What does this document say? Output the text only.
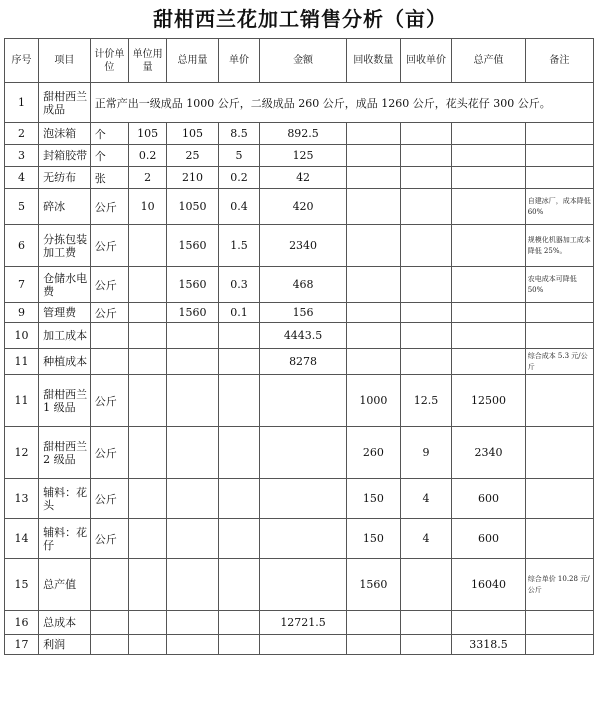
甜柑西兰花加工销售分析（亩）
序号	项目	计价单位	单位用量	总用量	单价	金额	回收数量	回收单价	总产值	备注
1	甜柑西兰成品	正常产出一级成品 1000 公斤，二级成品 260 公斤，成品 1260 公斤，花头花仔 300 公斤。								
2	泡沫箱	个	105	105	8.5	892.5				
3	封箱胶带	个	0.2	25	5	125				
4	无纺布	张	2	210	0.2	42				
5	碎冰	公斤	10	1050	0.4	420				自建冰厂，成本降低 60%
6	分拣包装加工费	公斤		1560	1.5	2340				规模化机器加工成本降低 25%。
7	仓储水电费	公斤		1560	0.3	468				农电成本可降低 50%
9	管理费	公斤		1560	0.1	156				
10	加工成本					4443.5				
11	种植成本					8278				综合成本 5.3 元/公斤
11	甜柑西兰 1 级品	公斤					1000	12.5	12500	
12	甜柑西兰 2 级品	公斤					260	9	2340	
13	辅料：花头	公斤					150	4	600	
14	辅料：花仔	公斤					150	4	600	
15	总产值						1560		16040	综合单价 10.28 元/公斤
16	总成本					12721.5				
17	利润								3318.5	
